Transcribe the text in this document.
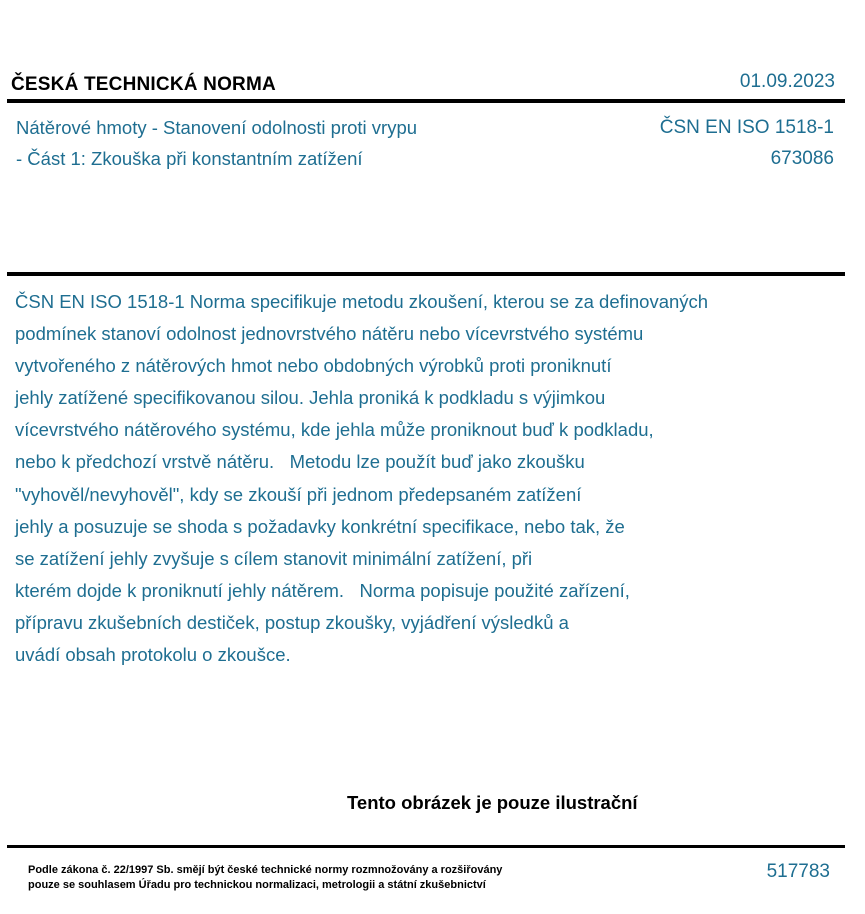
ČESKÁ TECHNICKÁ NORMA	01.09.2023
Nátěrové hmoty - Stanovení odolnosti proti vrypu
- Část 1: Zkouška při konstantním zatížení
ČSN EN ISO 1518-1
673086
ČSN EN ISO 1518-1 Norma specifikuje metodu zkoušení, kterou se za definovaných
podmínek stanoví odolnost jednovrstvého nátěru nebo vícevrstvého systému
vytvořeného z nátěrových hmot nebo obdobných výrobků proti proniknutí
jehly zatížené specifikovanou silou. Jehla proniká k podkladu s výjimkou
vícevrstvého nátěrového systému, kde jehla může proniknout buď k podkladu,
nebo k předchozí vrstvě nátěru.   Metodu lze použít buď jako zkoušku
"vyhověl/nevyhověl", kdy se zkouší při jednom předepsaném zatížení
jehly a posuzuje se shoda s požadavky konkrétní specifikace, nebo tak, že
se zatížení jehly zvyšuje s cílem stanovit minimální zatížení, při
kterém dojde k proniknutí jehly nátěrem.   Norma popisuje použité zařízení,
přípravu zkušebních destiček, postup zkoušky, vyjádření výsledků a
uvádí obsah protokolu o zkoušce.
Tento obrázek je pouze ilustrační
Podle zákona č. 22/1997 Sb. smějí být české technické normy rozmnožovány a rozšiřovány
pouze se souhlasem Úřadu pro technickou normalizaci, metrologii a státní zkušebnictví
517783
